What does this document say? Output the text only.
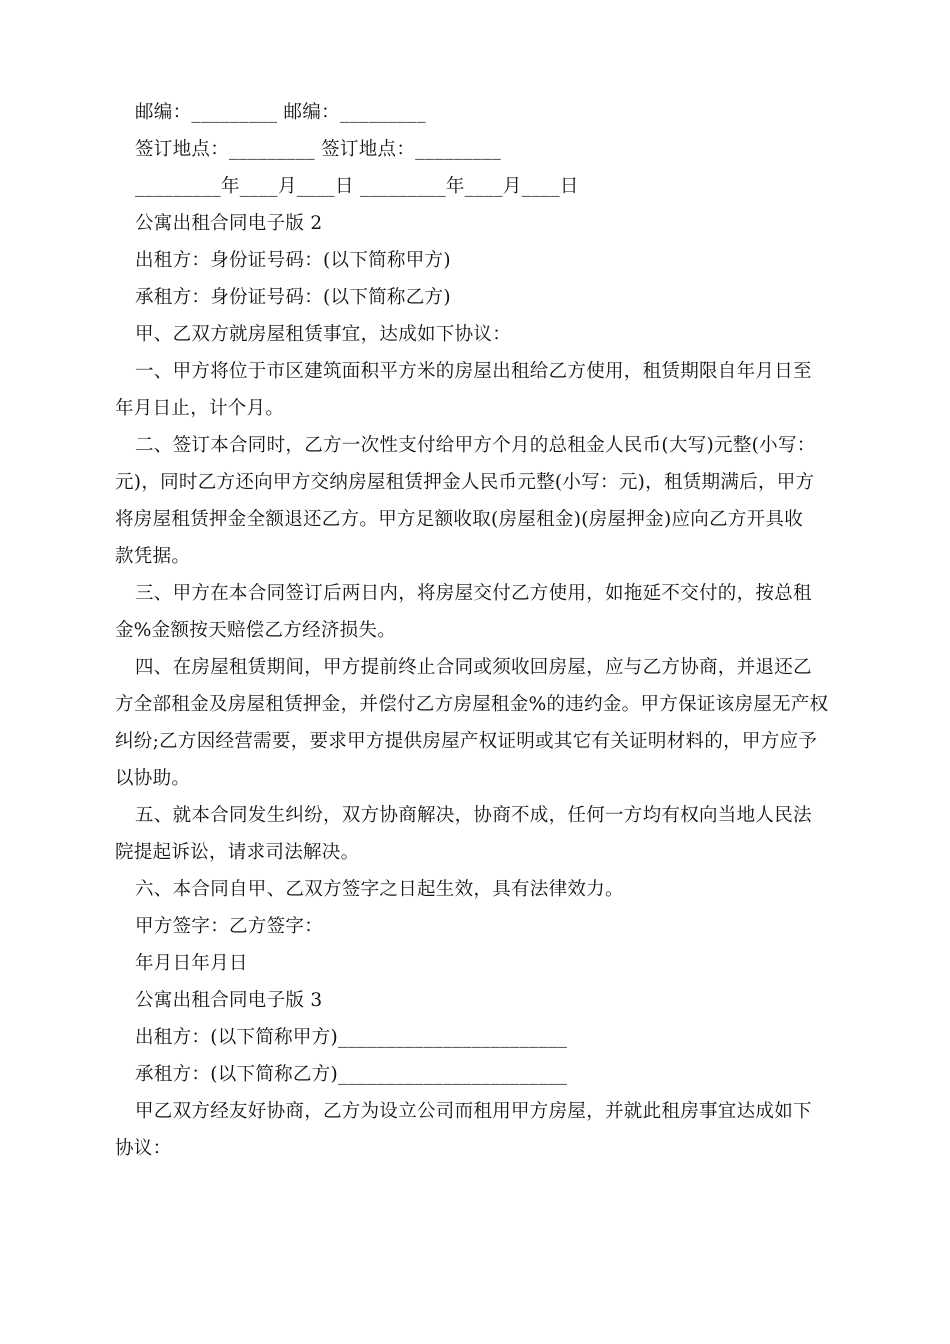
邮编：_________ 邮编：_________
签订地点：_________ 签订地点：_________
_________年____月____日 _________年____月____日
公寓出租合同电子版 2
出租方：身份证号码：(以下简称甲方)
承租方：身份证号码：(以下简称乙方)
甲、乙双方就房屋租赁事宜，达成如下协议：
一、甲方将位于市区建筑面积平方米的房屋出租给乙方使用，租赁期限自年月日至
年月日止，计个月。
二、签订本合同时，乙方一次性支付给甲方个月的总租金人民币(大写)元整(小写：
元)，同时乙方还向甲方交纳房屋租赁押金人民币元整(小写：元)，租赁期满后，甲方
将房屋租赁押金全额退还乙方。甲方足额收取(房屋租金)(房屋押金)应向乙方开具收
款凭据。
三、甲方在本合同签订后两日内，将房屋交付乙方使用，如拖延不交付的，按总租
金%金额按天赔偿乙方经济损失。
四、在房屋租赁期间，甲方提前终止合同或须收回房屋，应与乙方协商，并退还乙
方全部租金及房屋租赁押金，并偿付乙方房屋租金%的违约金。甲方保证该房屋无产权
纠纷;乙方因经营需要，要求甲方提供房屋产权证明或其它有关证明材料的，甲方应予
以协助。
五、就本合同发生纠纷，双方协商解决，协商不成，任何一方均有权向当地人民法
院提起诉讼，请求司法解决。
六、本合同自甲、乙双方签字之日起生效，具有法律效力。
甲方签字：乙方签字：
年月日年月日
公寓出租合同电子版 3
出租方：(以下简称甲方)________________________
承租方：(以下简称乙方)________________________
甲乙双方经友好协商，乙方为设立公司而租用甲方房屋，并就此租房事宜达成如下
协议：
